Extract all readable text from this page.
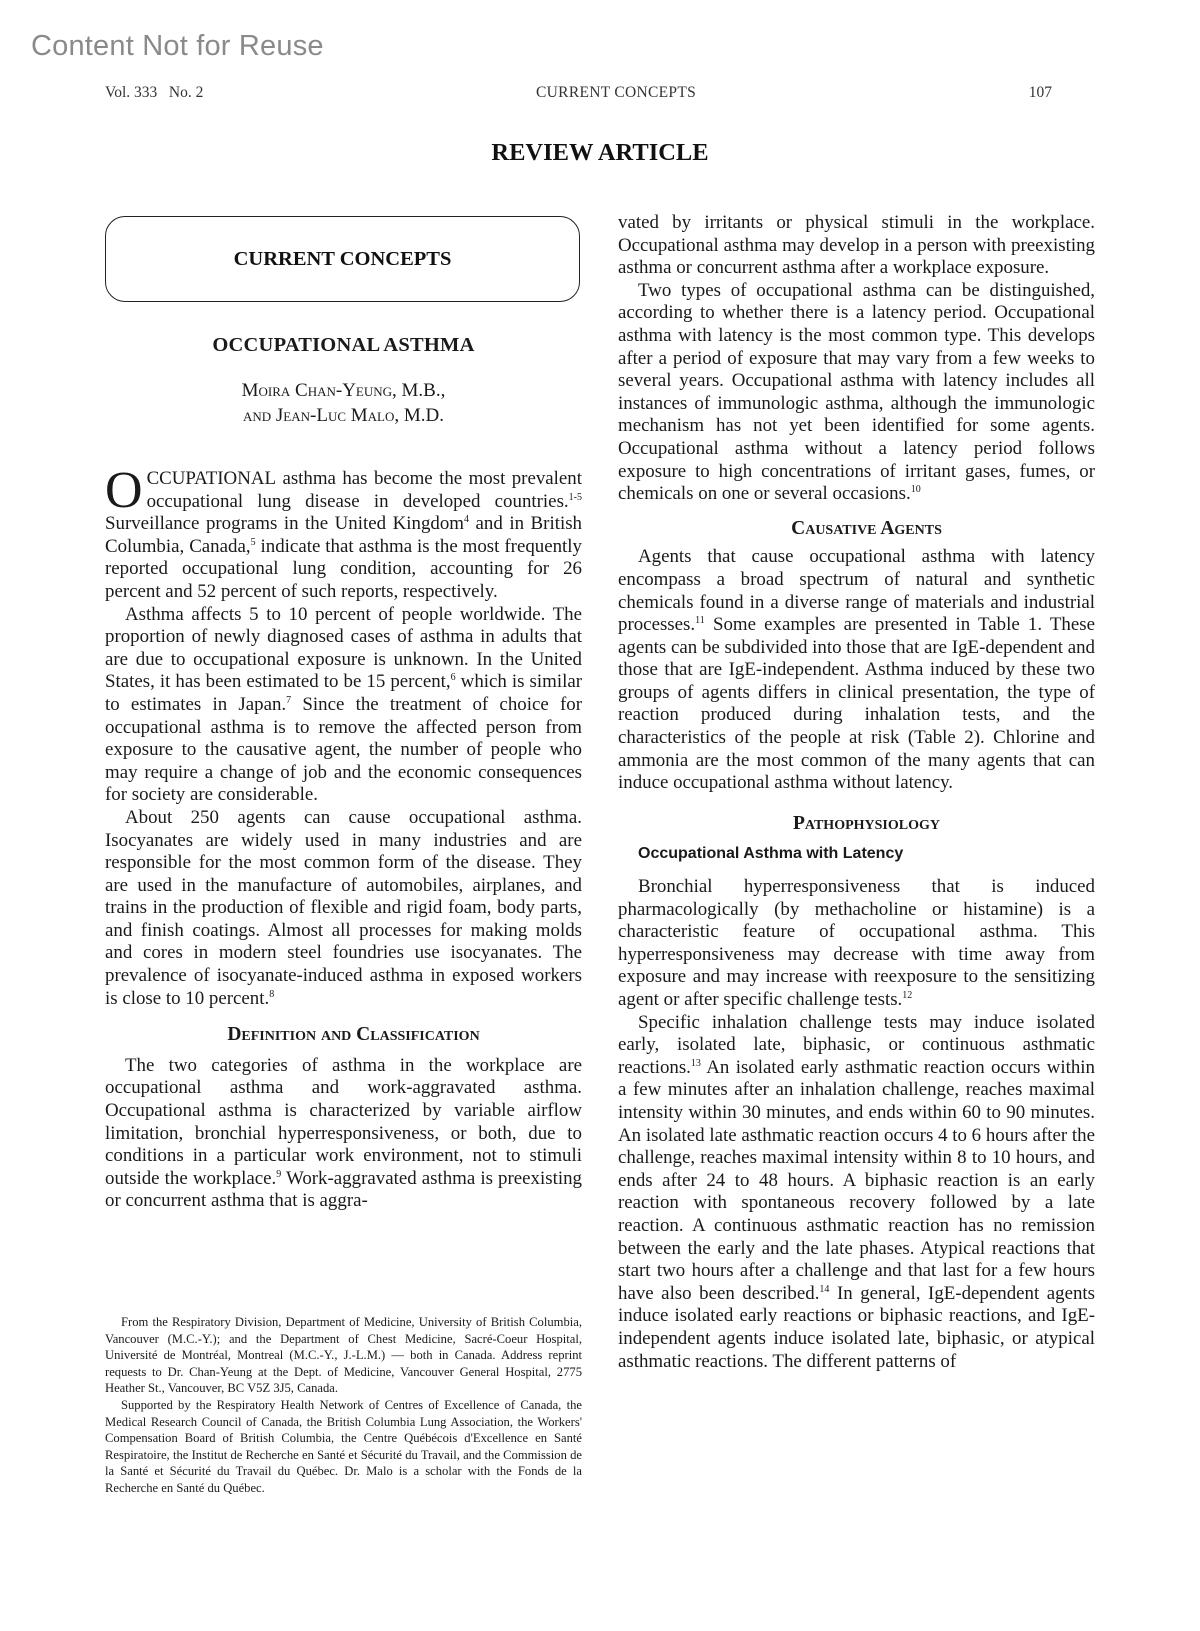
Content Not for Reuse
Vol. 333   No. 2	CURRENT CONCEPTS	107
REVIEW ARTICLE
CURRENT CONCEPTS
OCCUPATIONAL ASTHMA
Moira Chan-Yeung, M.B.,
and Jean-Luc Malo, M.D.

OCCUPATIONAL asthma has become the most prevalent occupational lung disease in developed countries.$^{1-5}$ Surveillance programs in the United Kingdom$^4$ and in British Columbia, Canada,$^5$ indicate that asthma is the most frequently reported occupational lung condition, accounting for 26 percent and 52 percent of such reports, respectively.

Asthma affects 5 to 10 percent of people worldwide. The proportion of newly diagnosed cases of asthma in adults that are due to occupational exposure is unknown. In the United States, it has been estimated to be 15 percent,$^6$ which is similar to estimates in Japan.$^7$ Since the treatment of choice for occupational asthma is to remove the affected person from exposure to the causative agent, the number of people who may require a change of job and the economic consequences for society are considerable.

About 250 agents can cause occupational asthma. Isocyanates are widely used in many industries and are responsible for the most common form of the disease. They are used in the manufacture of automobiles, airplanes, and trains in the production of flexible and rigid foam, body parts, and finish coatings. Almost all processes for making molds and cores in modern steel foundries use isocyanates. The prevalence of isocyanate-induced asthma in exposed workers is close to 10 percent.$^8$

Definition and Classification

The two categories of asthma in the workplace are occupational asthma and work-aggravated asthma. Occupational asthma is characterized by variable airflow limitation, bronchial hyperresponsiveness, or both, due to conditions in a particular work environment, not to stimuli outside the workplace.$^9$ Work-aggravated asthma is preexisting or concurrent asthma that is aggra-

From the Respiratory Division, Department of Medicine, University of British Columbia, Vancouver (M.C.-Y.); and the Department of Chest Medicine, Sacré-Coeur Hospital, Université de Montréal, Montreal (M.C.-Y., J.-L.M.) — both in Canada. Address reprint requests to Dr. Chan-Yeung at the Dept. of Medicine, Vancouver General Hospital, 2775 Heather St., Vancouver, BC V5Z 3J5, Canada.

Supported by the Respiratory Health Network of Centres of Excellence of Canada, the Medical Research Council of Canada, the British Columbia Lung Association, the Workers' Compensation Board of British Columbia, the Centre Québécois d'Excellence en Santé Respiratoire, the Institut de Recherche en Santé et Sécurité du Travail, and the Commission de la Santé et Sécurité du Travail du Québec. Dr. Malo is a scholar with the Fonds de la Recherche en Santé du Québec.

vated by irritants or physical stimuli in the workplace. Occupational asthma may develop in a person with preexisting asthma or concurrent asthma after a workplace exposure.

Two types of occupational asthma can be distinguished, according to whether there is a latency period. Occupational asthma with latency is the most common type. This develops after a period of exposure that may vary from a few weeks to several years. Occupational asthma with latency includes all instances of immunologic asthma, although the immunologic mechanism has not yet been identified for some agents. Occupational asthma without a latency period follows exposure to high concentrations of irritant gases, fumes, or chemicals on one or several occasions.$^{10}$

Causative Agents

Agents that cause occupational asthma with latency encompass a broad spectrum of natural and synthetic chemicals found in a diverse range of materials and industrial processes.$^{11}$ Some examples are presented in Table 1. These agents can be subdivided into those that are IgE-dependent and those that are IgE-independent. Asthma induced by these two groups of agents differs in clinical presentation, the type of reaction produced during inhalation tests, and the characteristics of the people at risk (Table 2). Chlorine and ammonia are the most common of the many agents that can induce occupational asthma without latency.

Pathophysiology

Occupational Asthma with Latency

Bronchial hyperresponsiveness that is induced pharmacologically (by methacholine or histamine) is a characteristic feature of occupational asthma. This hyperresponsiveness may decrease with time away from exposure and may increase with reexposure to the sensitizing agent or after specific challenge tests.$^{12}$

Specific inhalation challenge tests may induce isolated early, isolated late, biphasic, or continuous asthmatic reactions.$^{13}$ An isolated early asthmatic reaction occurs within a few minutes after an inhalation challenge, reaches maximal intensity within 30 minutes, and ends within 60 to 90 minutes. An isolated late asthmatic reaction occurs 4 to 6 hours after the challenge, reaches maximal intensity within 8 to 10 hours, and ends after 24 to 48 hours. A biphasic reaction is an early reaction with spontaneous recovery followed by a late reaction. A continuous asthmatic reaction has no remission between the early and the late phases. Atypical reactions that start two hours after a challenge and that last for a few hours have also been described.$^{14}$ In general, IgE-dependent agents induce isolated early reactions or biphasic reactions, and IgE-independent agents induce isolated late, biphasic, or atypical asthmatic reactions. The different patterns of
